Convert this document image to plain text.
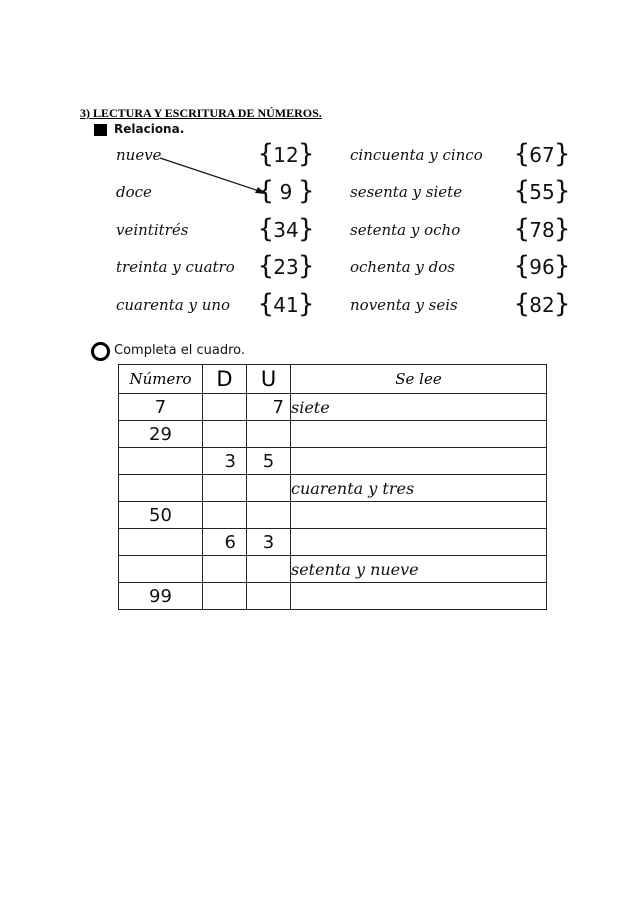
3) LECTURA Y ESCRITURA DE NÚMEROS.
Relaciona.
nueve
doce
veintitrés
treinta y cuatro
cuarenta y uno
{ 12 }
{ 9 }
{ 34 }
{ 23 }
{ 41 }
cincuenta y cinco
sesenta y siete
setenta y ocho
ochenta y dos
noventa y seis
{ 67 }
{ 55 }
{ 78 }
{ 96 }
{ 82 }
Completa el cuadro.
Número	D	U	Se lee
7		7	siete
29			
	3	5	
			cuarenta y tres
50			
	6	3	
			setenta y nueve
99			
